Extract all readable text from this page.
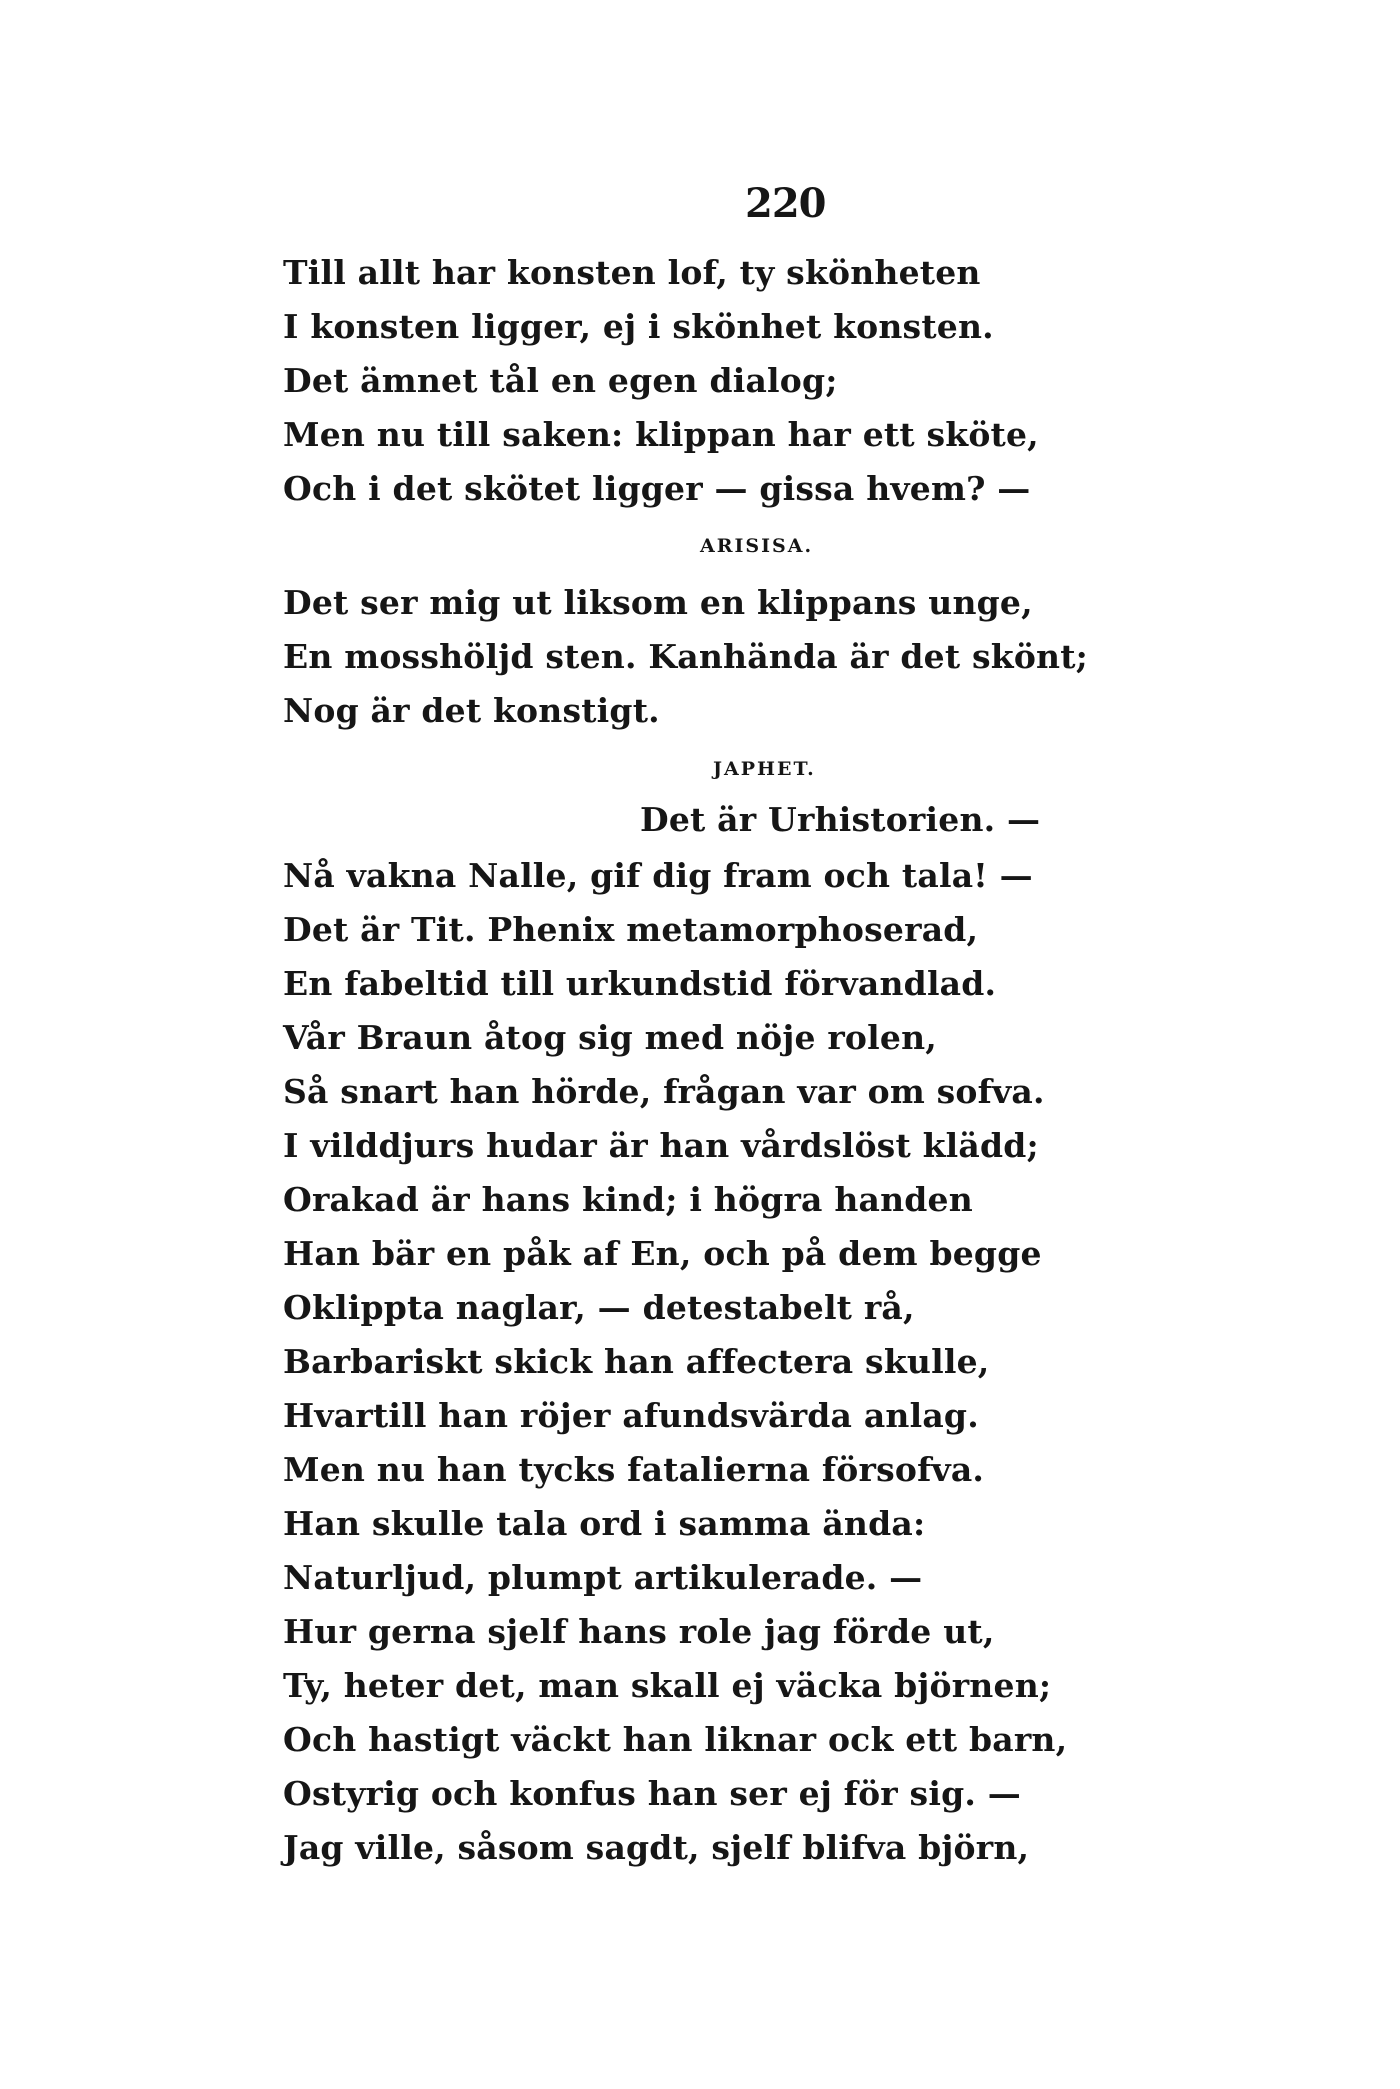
220
Till allt har konsten lof, ty skönheten
I konsten ligger, ej i skönhet konsten.
Det ämnet tål en egen dialog;
Men nu till saken: klippan har ett sköte,
Och i det skötet ligger — gissa hvem? —
ARISISA.
Det ser mig ut liksom en klippans unge,
En mosshöljd sten. Kanhända är det skönt;
Nog är det konstigt.
JAPHET.
Det är Urhistorien. —
Nå vakna Nalle, gif dig fram och tala! —
Det är Tit. Phenix metamorphoserad,
En fabeltid till urkundstid förvandlad.
Vår Braun åtog sig med nöje rolen,
Så snart han hörde, frågan var om sofva.
I vilddjurs hudar är han vårdslöst klädd;
Orakad är hans kind; i högra handen
Han bär en påk af En, och på dem begge
Oklippta naglar, — detestabelt rå,
Barbariskt skick han affectera skulle,
Hvartill han röjer afundsvärda anlag.
Men nu han tycks fatalierna försofva.
Han skulle tala ord i samma ända:
Naturljud, plumpt artikulerade. —
Hur gerna sjelf hans role jag förde ut,
Ty, heter det, man skall ej väcka björnen;
Och hastigt väckt han liknar ock ett barn,
Ostyrig och konfus han ser ej för sig. —
Jag ville, såsom sagdt, sjelf blifva björn,
